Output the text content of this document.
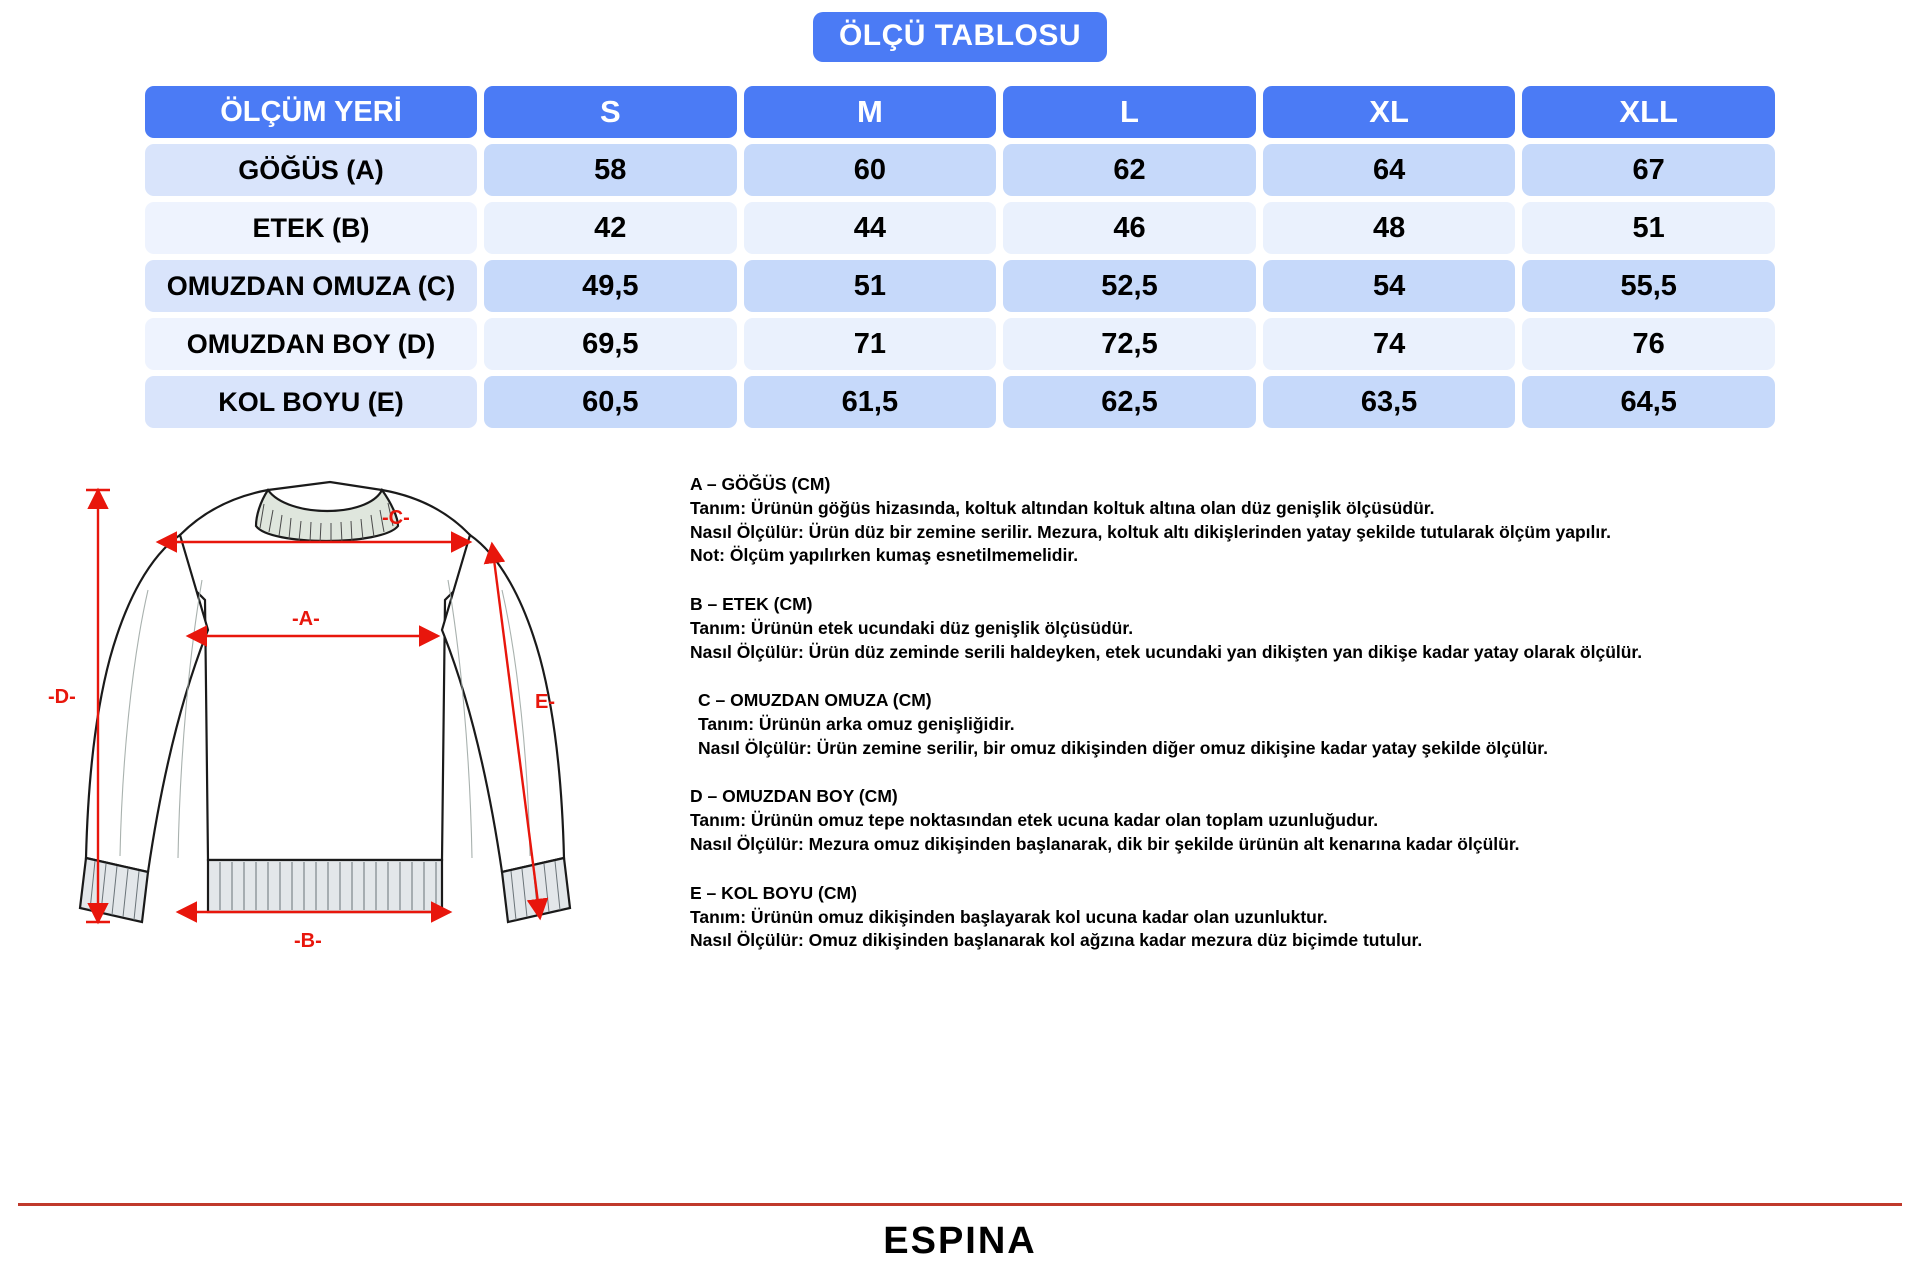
ÖLÇÜ TABLOSU
ÖLÇÜM YERİ	S	M	L	XL	XLL
GÖĞÜS (A)	58	60	62	64	67
ETEK (B)	42	44	46	48	51
OMUZDAN OMUZA (C)	49,5	51	52,5	54	55,5
OMUZDAN BOY (D)	69,5	71	72,5	74	76
KOL BOYU (E)	60,5	61,5	62,5	63,5	64,5
-C-
-A-
-B-
-D-	E-
A – GÖĞÜS (CM)
Tanım: Ürünün göğüs hizasında, koltuk altından koltuk altına olan düz genişlik ölçüsüdür.
Nasıl Ölçülür: Ürün düz bir zemine serilir. Mezura, koltuk altı dikişlerinden yatay şekilde tutularak ölçüm yapılır.
Not: Ölçüm yapılırken kumaş esnetilmemelidir.
B – ETEK (CM)
Tanım: Ürünün etek ucundaki düz genişlik ölçüsüdür.
Nasıl Ölçülür: Ürün düz zeminde serili haldeyken, etek ucundaki yan dikişten yan dikişe kadar yatay olarak ölçülür.
C – OMUZDAN OMUZA (CM)
Tanım: Ürünün arka omuz genişliğidir.
Nasıl Ölçülür: Ürün zemine serilir, bir omuz dikişinden diğer omuz dikişine kadar yatay şekilde ölçülür.
D – OMUZDAN BOY (CM)
Tanım: Ürünün omuz tepe noktasından etek ucuna kadar olan toplam uzunluğudur.
Nasıl Ölçülür: Mezura omuz dikişinden başlanarak, dik bir şekilde ürünün alt kenarına kadar ölçülür.
E – KOL BOYU (CM)
Tanım: Ürünün omuz dikişinden başlayarak kol ucuna kadar olan uzunluktur.
Nasıl Ölçülür: Omuz dikişinden başlanarak kol ağzına kadar mezura düz biçimde tutulur.
ESPINA
